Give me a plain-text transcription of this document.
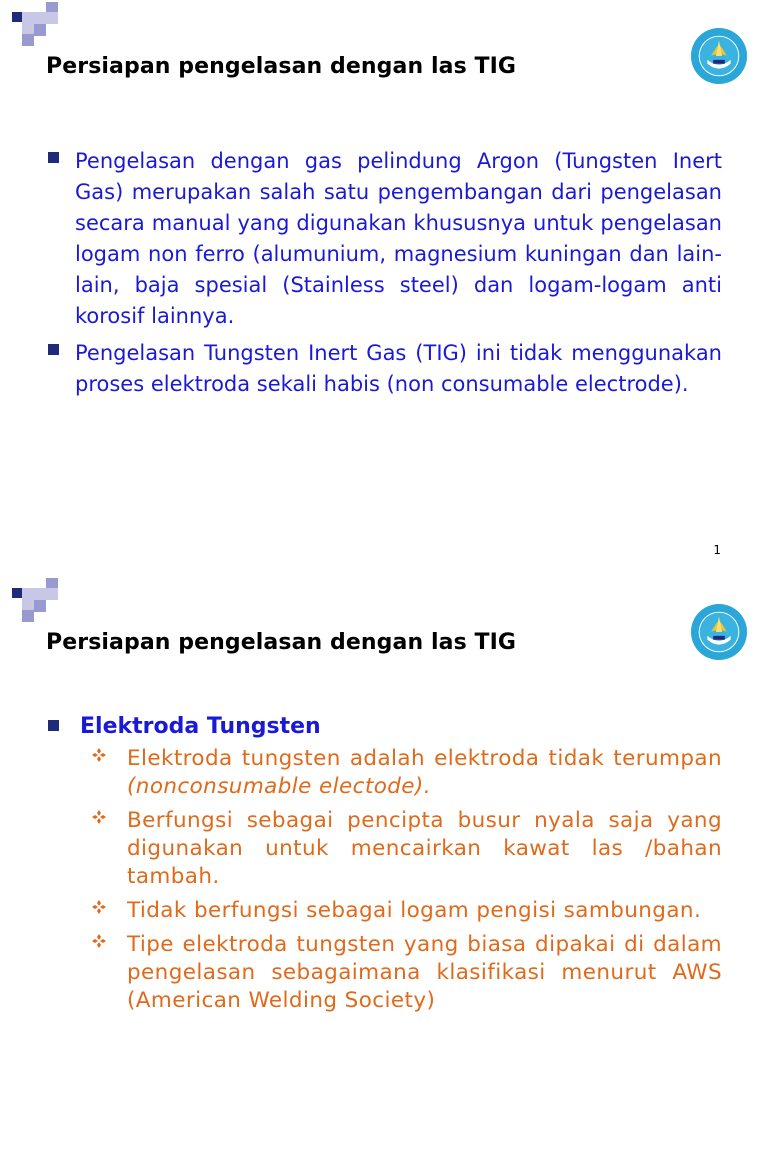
Persiapan pengelasan dengan las TIG
Pengelasan dengan gas pelindung Argon (Tungsten Inert Gas) merupakan salah satu pengembangan dari pengelasan secara manual yang digunakan khususnya untuk pengelasan logam non ferro (alumunium, magnesium kuningan dan lain-lain, baja spesial (Stainless steel) dan logam-logam anti korosif lainnya.
Pengelasan Tungsten Inert Gas (TIG) ini tidak menggunakan proses elektroda sekali habis (non consumable electrode).
1
Persiapan pengelasan dengan las TIG
Elektroda Tungsten
Elektroda tungsten adalah elektroda tidak terumpan (nonconsumable electode).
Berfungsi sebagai pencipta busur nyala saja yang digunakan untuk mencairkan kawat las /bahan tambah.
Tidak berfungsi sebagai logam pengisi sambungan.
Tipe elektroda tungsten yang biasa dipakai di dalam pengelasan sebagaimana klasifikasi menurut AWS (American Welding Society)
